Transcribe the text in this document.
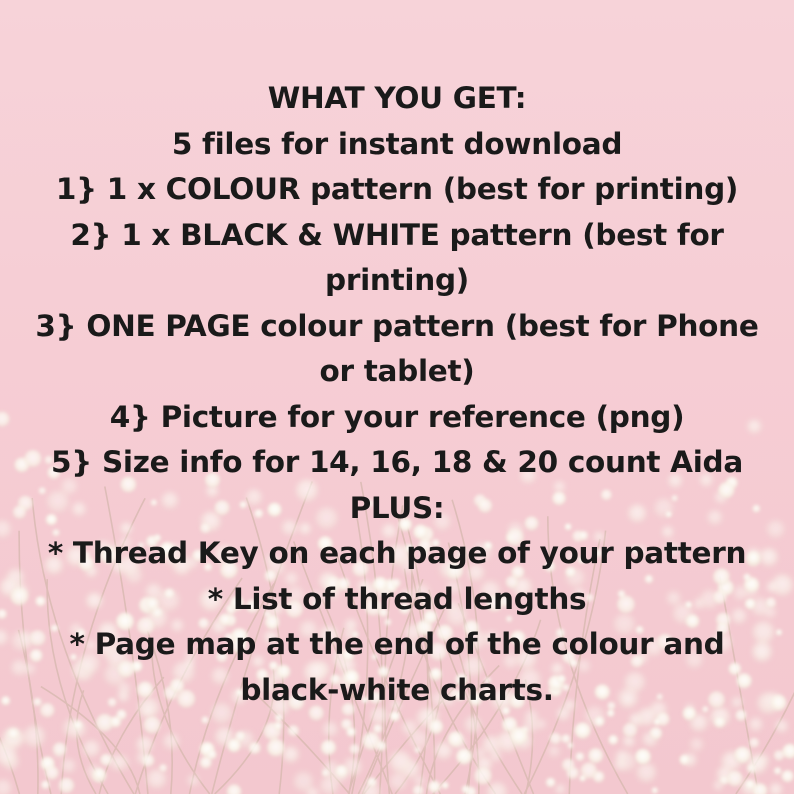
WHAT YOU GET:
5 files for instant download
1} 1 x COLOUR pattern (best for printing)
2} 1 x BLACK & WHITE pattern (best for printing)
3} ONE PAGE colour pattern (best for Phone or tablet)
4} Picture for your reference (png)
5} Size info for 14, 16, 18 & 20 count Aida
PLUS:
* Thread Key on each page of your pattern
* List of thread lengths
* Page map at the end of the colour and black-white charts.
